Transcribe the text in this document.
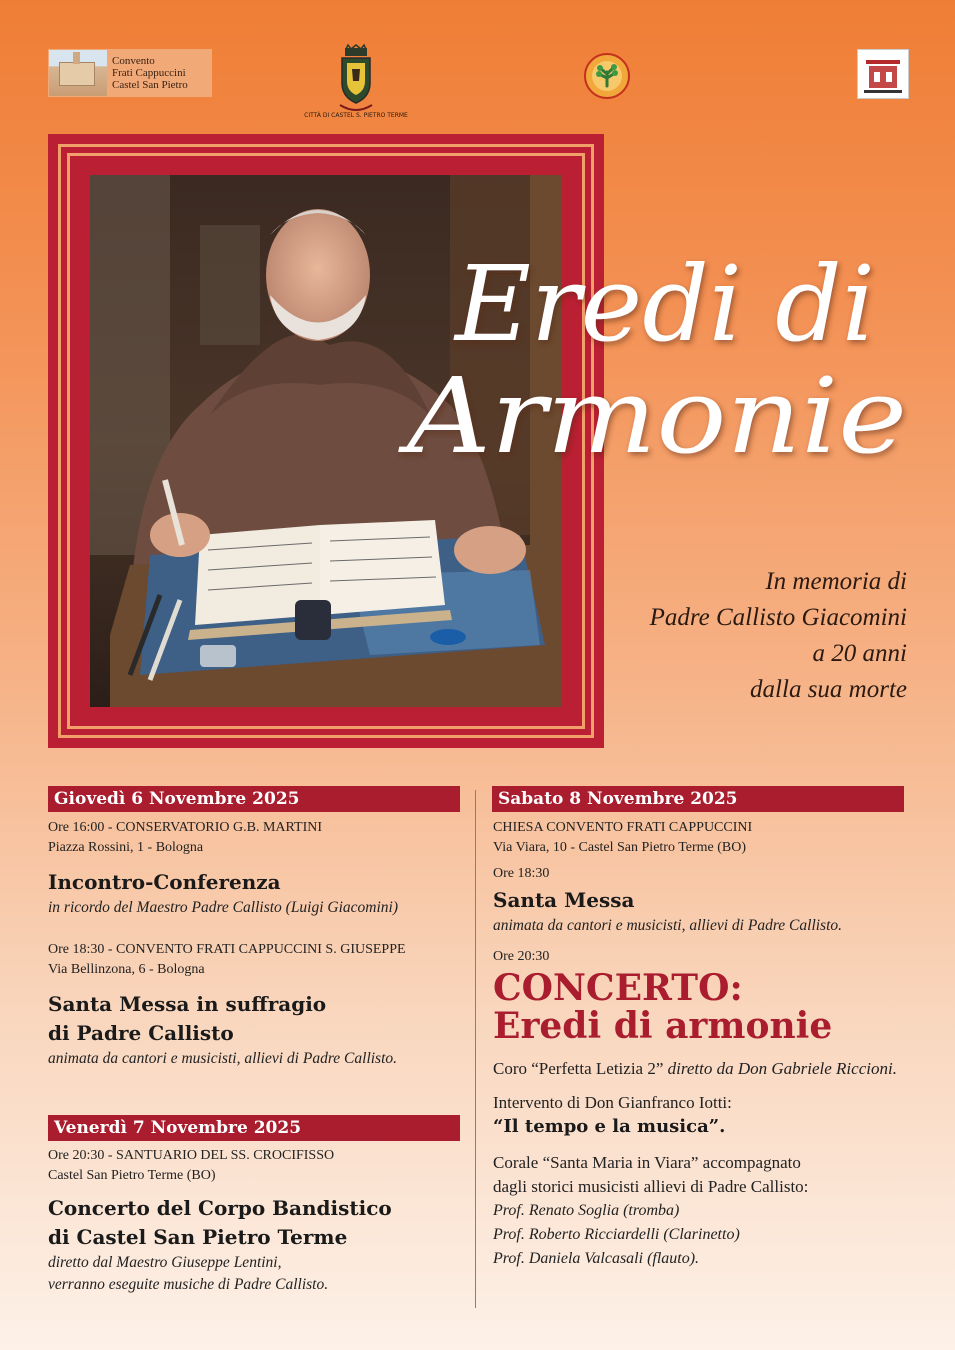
Convento
Frati Cappuccini
Castel San Pietro
CITTÀ DI CASTEL S. PIETRO TERME
Eredi di
Armonie
In memoria di
Padre Callisto Giacomini
a 20 anni
dalla sua morte
Giovedì 6 Novembre 2025
Ore 16:00 - CONSERVATORIO G.B. MARTINI
Piazza Rossini, 1 - Bologna
Incontro-Conferenza
in ricordo del Maestro Padre Callisto (Luigi Giacomini)
Ore 18:30 - CONVENTO FRATI CAPPUCCINI S. GIUSEPPE
Via Bellinzona, 6 - Bologna
Santa Messa in suffragio
di Padre Callisto
animata da cantori e musicisti, allievi di Padre Callisto.
Venerdì 7 Novembre 2025
Ore 20:30 - SANTUARIO DEL SS. CROCIFISSO
Castel San Pietro Terme (BO)
Concerto del Corpo Bandistico
di Castel San Pietro Terme
diretto dal Maestro Giuseppe Lentini,
verranno eseguite musiche di Padre Callisto.
Sabato 8 Novembre 2025
CHIESA CONVENTO FRATI CAPPUCCINI
Via Viara, 10 - Castel San Pietro Terme (BO)
Ore 18:30
Santa Messa
animata da cantori e musicisti, allievi di Padre Callisto.
Ore 20:30
CONCERTO:
Eredi di armonie
Coro “Perfetta Letizia 2” diretto da Don Gabriele Riccioni.
Intervento di Don Gianfranco Iotti:
“Il tempo e la musica”.
Corale “Santa Maria in Viara” accompagnato
dagli storici musicisti allievi di Padre Callisto:
Prof. Renato Soglia (tromba)
Prof. Roberto Ricciardelli (Clarinetto)
Prof. Daniela Valcasali (flauto).
